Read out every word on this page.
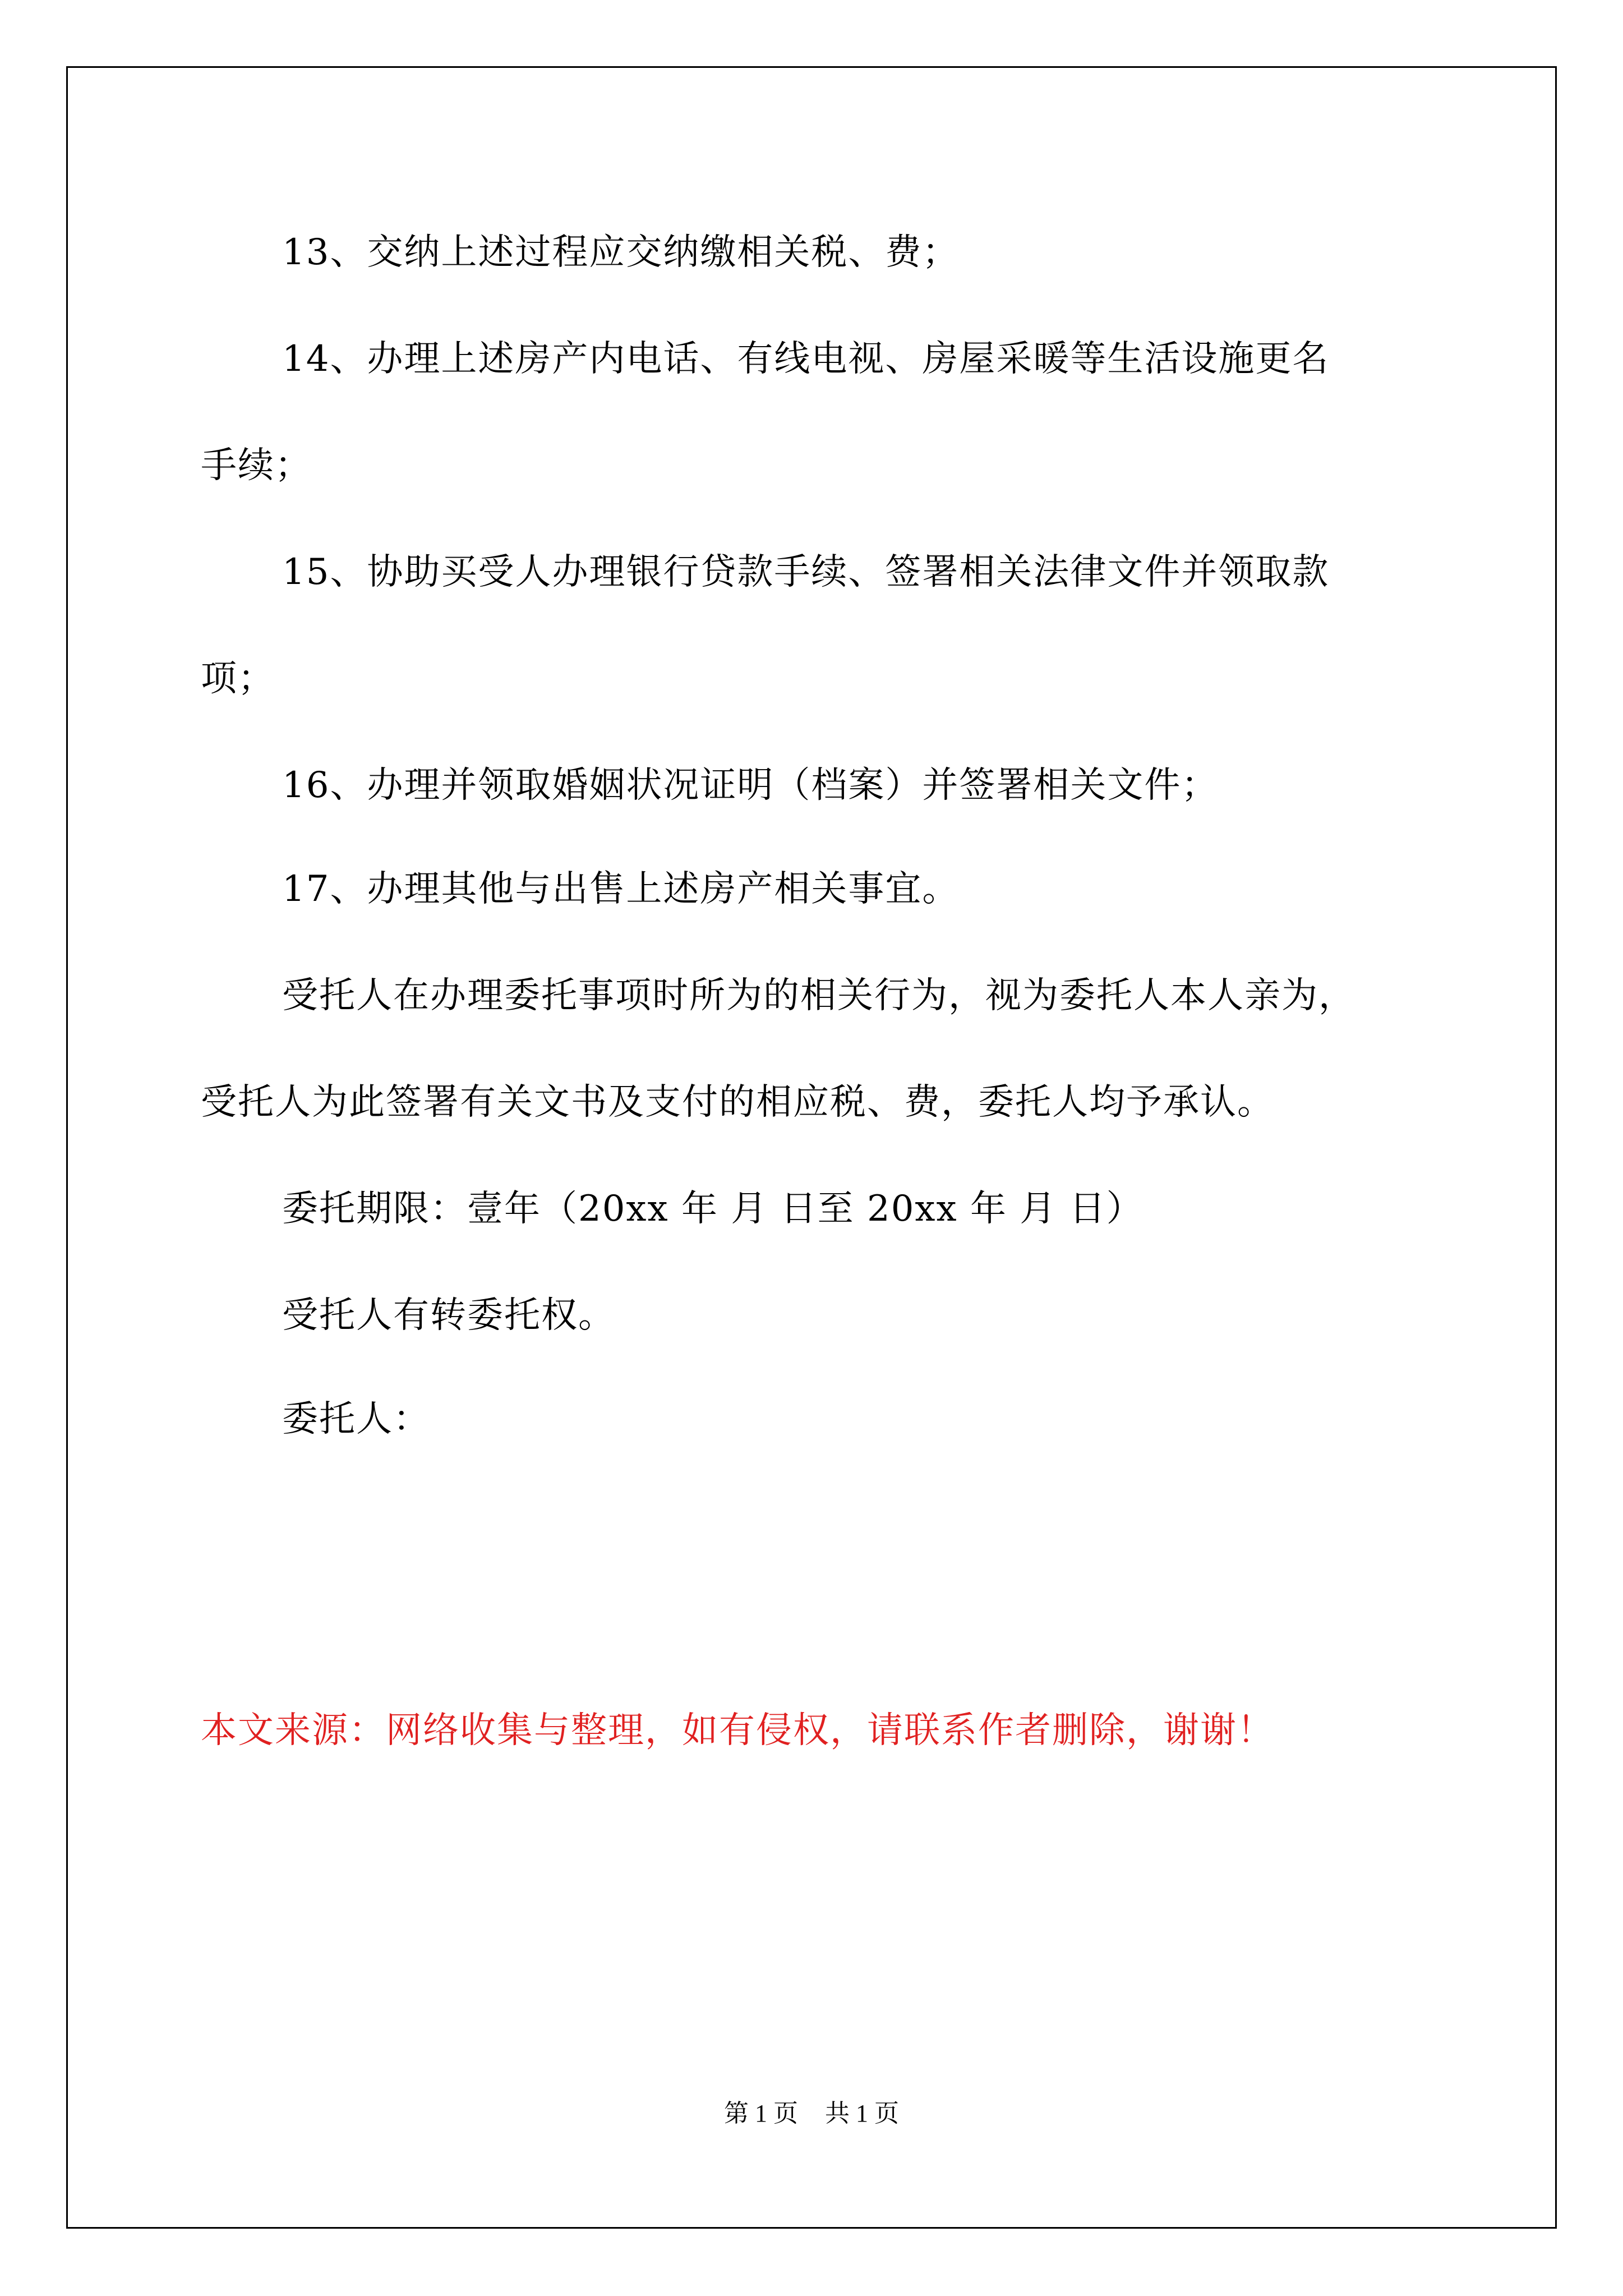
13、交纳上述过程应交纳缴相关税、费；
14、办理上述房产内电话、有线电视、房屋采暖等生活设施更名
手续；
15、协助买受人办理银行贷款手续、签署相关法律文件并领取款
项；
16、办理并领取婚姻状况证明（档案）并签署相关文件；
17、办理其他与出售上述房产相关事宜。
受托人在办理委托事项时所为的相关行为，视为委托人本人亲为，
受托人为此签署有关文书及支付的相应税、费，委托人均予承认。
委托期限：壹年（20xx 年 月 日至 20xx 年 月 日）
受托人有转委托权。
委托人：
本文来源：网络收集与整理，如有侵权，请联系作者删除，谢谢！
第 1 页 共 1 页
